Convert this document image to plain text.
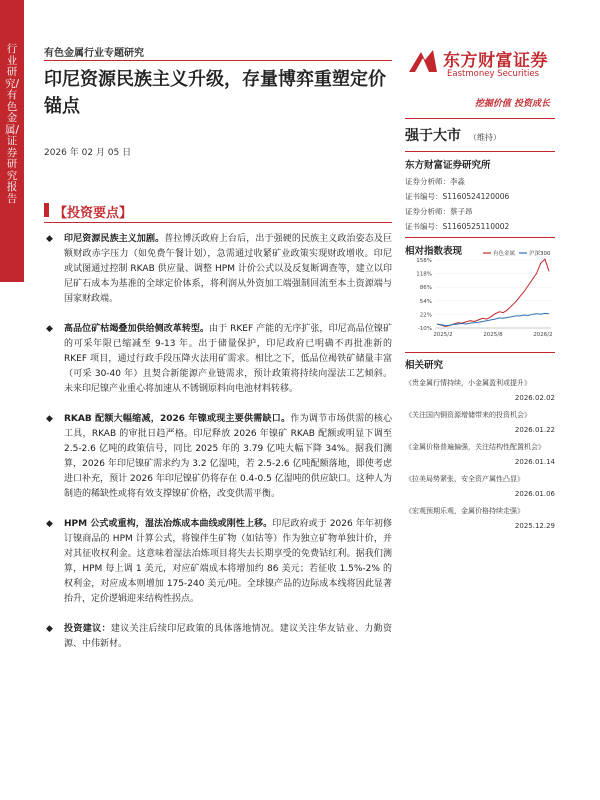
行业研究/有色金属/证券研究报告
有色金属行业专题研究
印尼资源民族主义升级，存量博弈重塑定价锚点
2026 年 02 月 05 日
东方财富证券
Eastmoney Securities
挖掘价值 投资成长
强于大市 （维持）
东方财富证券研究所
证券分析师：李淼
证书编号：S1160524120006
证券分析师：蔡子昂
证书编号：S1160525110002
相对指数表现
158%
118%
86%
54%
22%
-10%
2025/2	2025/8	2026/2
有色金属	沪深300
相关研究
《贵金属行情持续，小金属盈利或提升》
2026.02.02
《关注国内铜资源增储带来的投资机会》
2026.01.22
《金属价格普遍偏强，关注结构性配置机会》
2026.01.14
《拉美局势紧张，安全资产属性凸显》
2026.01.06
《宏观预期乐观，金属价格持续走强》
2025.12.29
【投资要点】
◆ 印尼资源民族主义加剧。普拉博沃政府上台后，出于强硬的民族主义政治姿态及巨额财政赤字压力（如免费午餐计划），急需通过收紧矿业政策实现财政增收。印尼或试图通过控制 RKAB 供应量、调整 HPM 计价公式以及反复断调查等，建立以印尼矿石成本为基准的全球定价体系，将利润从外资加工端强制回流至本土资源端与国家财政端。
◆ 高品位矿枯竭叠加供给侧改革转型。由于 RKEF 产能的无序扩张，印尼高品位镍矿的可采年限已缩减至 9-13 年。出于储量保护，印尼政府已明确不再批准新的 RKEF 项目，通过行政手段压降火法用矿需求。相比之下，低品位褐铁矿储量丰富（可采 30-40 年）且契合新能源产业链需求，预计政策将持续向湿法工艺倾斜。未来印尼镍产业重心将加速从不锈钢原料向电池材料转移。
◆ RKAB 配额大幅缩减，2026 年镍或现主要供需缺口。作为调节市场供需的核心工具，RKAB 的审批日趋严格。印尼释放 2026 年镍矿 RKAB 配额或明显下调至 2.5-2.6 亿吨的政策信号，同比 2025 年的 3.79 亿吨大幅下降 34%。据我们测算，2026 年印尼镍矿需求约为 3.2 亿湿吨，若 2.5-2.6 亿吨配额落地，即使考虑进口补充，预计 2026 年印尼镍矿仍将存在 0.4-0.5 亿湿吨的供应缺口。这种人为制造的稀缺性或将有效支撑镍矿价格，改变供需平衡。
◆ HPM 公式或重构，湿法冶炼成本曲线或刚性上移。印尼政府或于 2026 年年初修订镍商品的 HPM 计算公式，将镍伴生矿物（如钴等）作为独立矿物单独计价，并对其征收权利金。这意味着湿法冶炼项目将失去长期享受的免费钴红利。据我们测算，HPM 每上调 1 美元，对应矿端成本将增加约 86 美元；若征收 1.5%-2% 的权利金，对应成本则增加 175-240 美元/吨。全球镍产品的边际成本线将因此显著抬升，定价逻辑迎来结构性拐点。
◆ 投资建议：建议关注后续印尼政策的具体落地情况。建议关注华友钴业、力勤资源、中伟新材。
